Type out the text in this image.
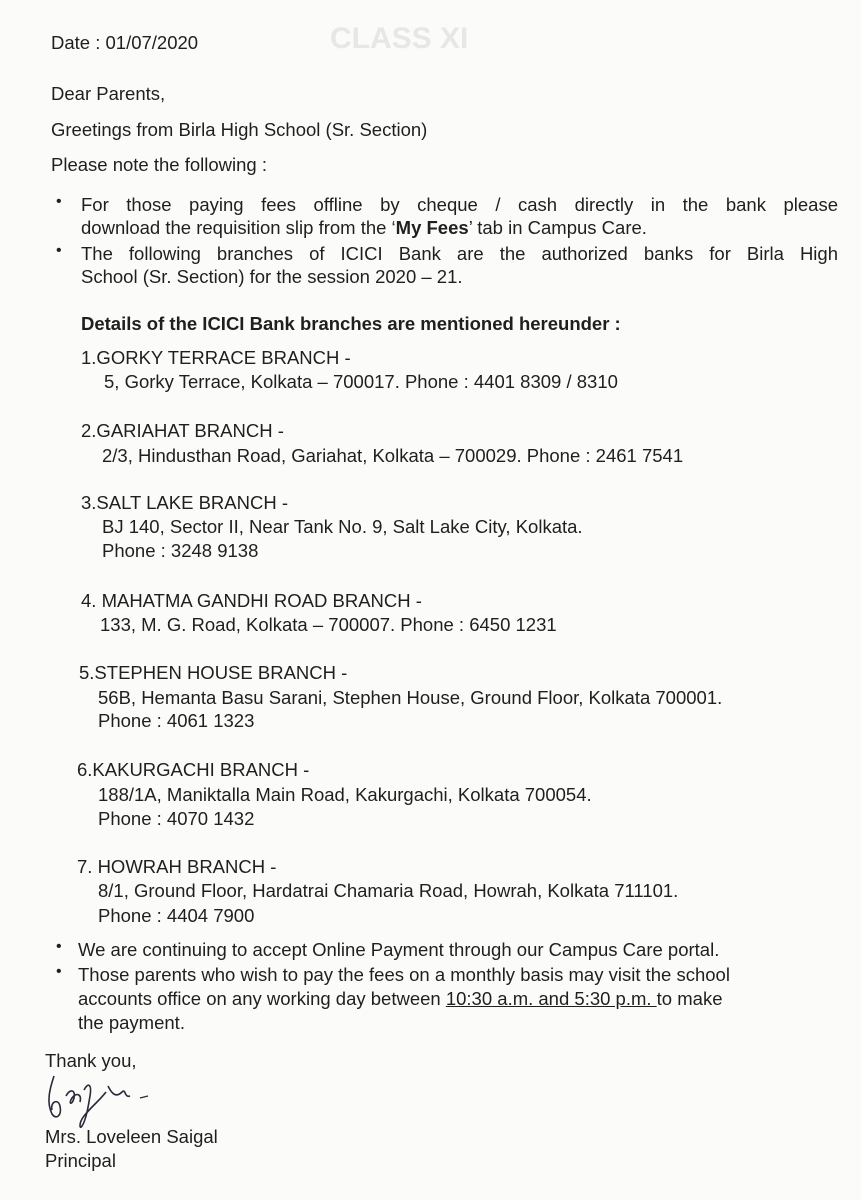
CLASS XI
Date : 01/07/2020
Dear Parents,
Greetings from Birla High School (Sr. Section)
Please note the following :
• For those paying fees offline by cheque / cash directly in the bank please
download the requisition slip from the ‘My Fees’ tab in Campus Care.
• The following branches of ICICI Bank are the authorized banks for Birla High
School (Sr. Section) for the session 2020 – 21.
Details of the ICICI Bank branches are mentioned hereunder :
1.GORKY TERRACE BRANCH -
5, Gorky Terrace, Kolkata – 700017. Phone : 4401 8309 / 8310
2.GARIAHAT BRANCH -
2/3, Hindusthan Road, Gariahat, Kolkata – 700029. Phone : 2461 7541
3.SALT LAKE BRANCH -
BJ 140, Sector II, Near Tank No. 9, Salt Lake City, Kolkata.
Phone : 3248 9138
4. MAHATMA GANDHI ROAD BRANCH -
133, M. G. Road, Kolkata – 700007. Phone : 6450 1231
5.STEPHEN HOUSE BRANCH -
56B, Hemanta Basu Sarani, Stephen House, Ground Floor, Kolkata 700001.
Phone : 4061 1323
6.KAKURGACHI BRANCH -
188/1A, Maniktalla Main Road, Kakurgachi, Kolkata 700054.
Phone : 4070 1432
7. HOWRAH BRANCH -
8/1, Ground Floor, Hardatrai Chamaria Road, Howrah, Kolkata 711101.
Phone : 4404 7900
• We are continuing to accept Online Payment through our Campus Care portal.
• Those parents who wish to pay the fees on a monthly basis may visit the school
accounts office on any working day between 10:30 a.m. and 5:30 p.m. to make
the payment.
Thank you,
Mrs. Loveleen Saigal
Principal
